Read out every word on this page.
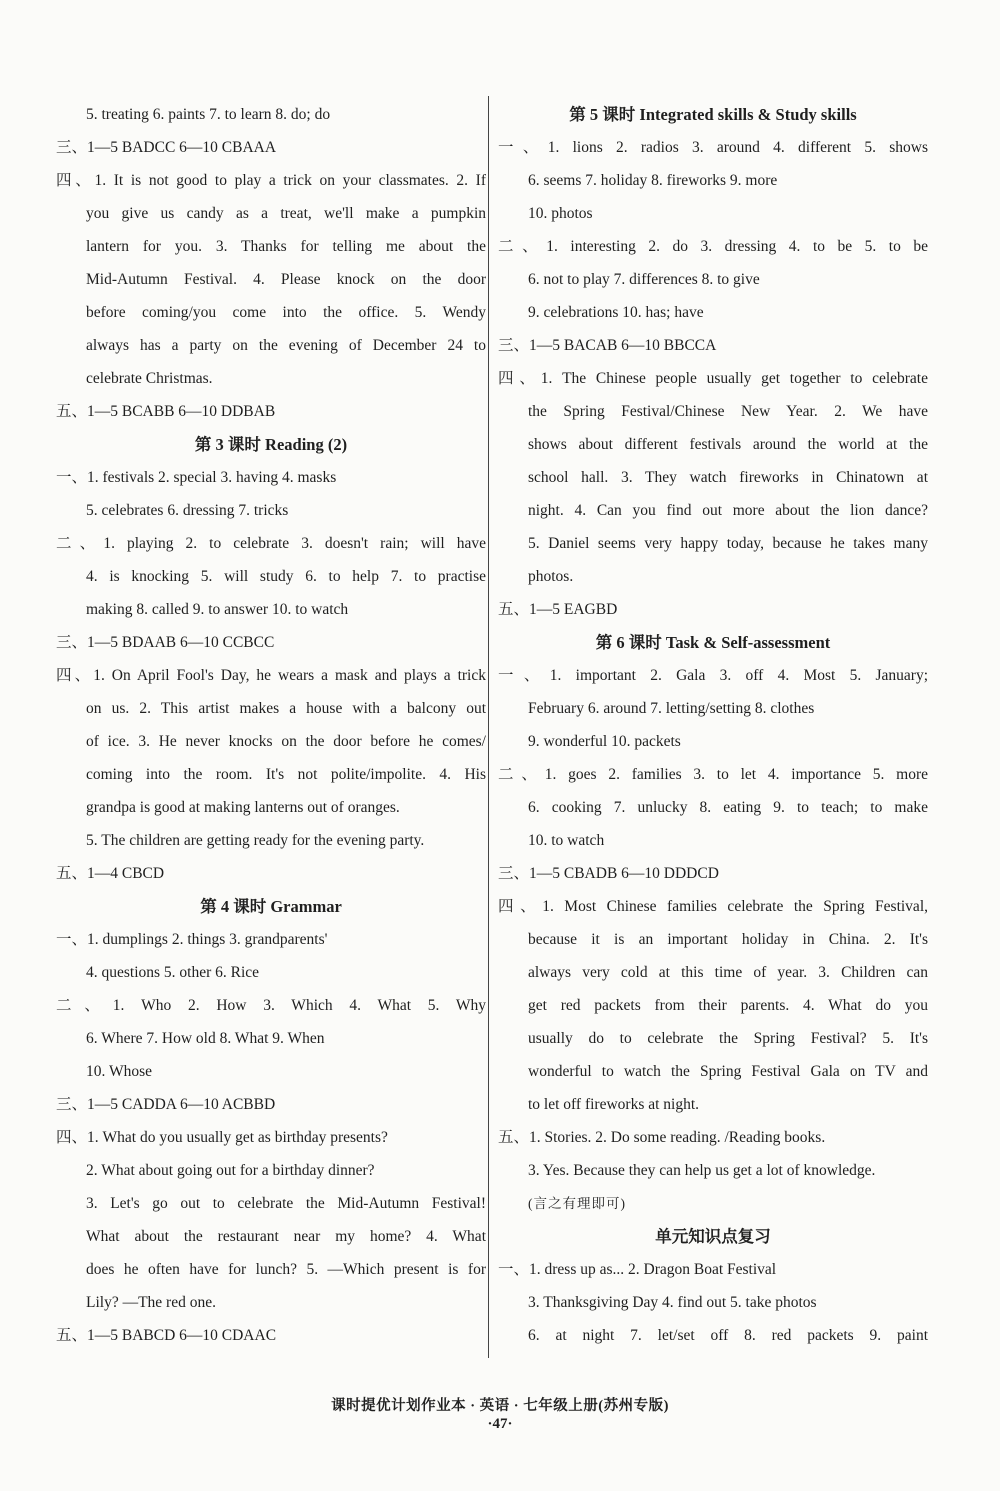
5. treating 6. paints 7. to learn 8. do; do
三、1—5 BADCC 6—10 CBAAA
四、1. It is not good to play a trick on your classmates. 2. If
you give us candy as a treat, we'll make a pumpkin
lantern for you. 3. Thanks for telling me about the
Mid-Autumn Festival. 4. Please knock on the door
before coming/you come into the office. 5. Wendy
always has a party on the evening of December 24 to
celebrate Christmas.
五、1—5 BCABB 6—10 DDBAB
第 3 课时 Reading (2)
一、1. festivals 2. special 3. having 4. masks
5. celebrates 6. dressing 7. tricks
二、1. playing 2. to celebrate 3. doesn't rain; will have
4. is knocking 5. will study 6. to help 7. to practise
making 8. called 9. to answer 10. to watch
三、1—5 BDAAB 6—10 CCBCC
四、1. On April Fool's Day, he wears a mask and plays a trick
on us. 2. This artist makes a house with a balcony out
of ice. 3. He never knocks on the door before he comes/
coming into the room. It's not polite/impolite. 4. His
grandpa is good at making lanterns out of oranges.
5. The children are getting ready for the evening party.
五、1—4 CBCD
第 4 课时 Grammar
一、1. dumplings 2. things 3. grandparents'
4. questions 5. other 6. Rice
二、1. Who 2. How 3. Which 4. What 5. Why
6. Where 7. How old 8. What 9. When
10. Whose
三、1—5 CADDA 6—10 ACBBD
四、1. What do you usually get as birthday presents?
2. What about going out for a birthday dinner?
3. Let's go out to celebrate the Mid-Autumn Festival!
What about the restaurant near my home? 4. What
does he often have for lunch? 5. —Which present is for
Lily? —The red one.
五、1—5 BABCD 6—10 CDAAC
第 5 课时 Integrated skills & Study skills
一、1. lions 2. radios 3. around 4. different 5. shows
6. seems 7. holiday 8. fireworks 9. more
10. photos
二、1. interesting 2. do 3. dressing 4. to be 5. to be
6. not to play 7. differences 8. to give
9. celebrations 10. has; have
三、1—5 BACAB 6—10 BBCCA
四、1. The Chinese people usually get together to celebrate
the Spring Festival/Chinese New Year. 2. We have
shows about different festivals around the world at the
school hall. 3. They watch fireworks in Chinatown at
night. 4. Can you find out more about the lion dance?
5. Daniel seems very happy today, because he takes many
photos.
五、1—5 EAGBD
第 6 课时 Task & Self-assessment
一、1. important 2. Gala 3. off 4. Most 5. January;
February 6. around 7. letting/setting 8. clothes
9. wonderful 10. packets
二、1. goes 2. families 3. to let 4. importance 5. more
6. cooking 7. unlucky 8. eating 9. to teach; to make
10. to watch
三、1—5 CBADB 6—10 DDDCD
四、1. Most Chinese families celebrate the Spring Festival,
because it is an important holiday in China. 2. It's
always very cold at this time of year. 3. Children can
get red packets from their parents. 4. What do you
usually do to celebrate the Spring Festival? 5. It's
wonderful to watch the Spring Festival Gala on TV and
to let off fireworks at night.
五、1. Stories. 2. Do some reading. /Reading books.
3. Yes. Because they can help us get a lot of knowledge.
(言之有理即可)
单元知识点复习
一、1. dress up as... 2. Dragon Boat Festival
3. Thanksgiving Day 4. find out 5. take photos
6. at night 7. let/set off 8. red packets 9. paint
课时提优计划作业本 · 英语 · 七年级上册(苏州专版)
·47·
